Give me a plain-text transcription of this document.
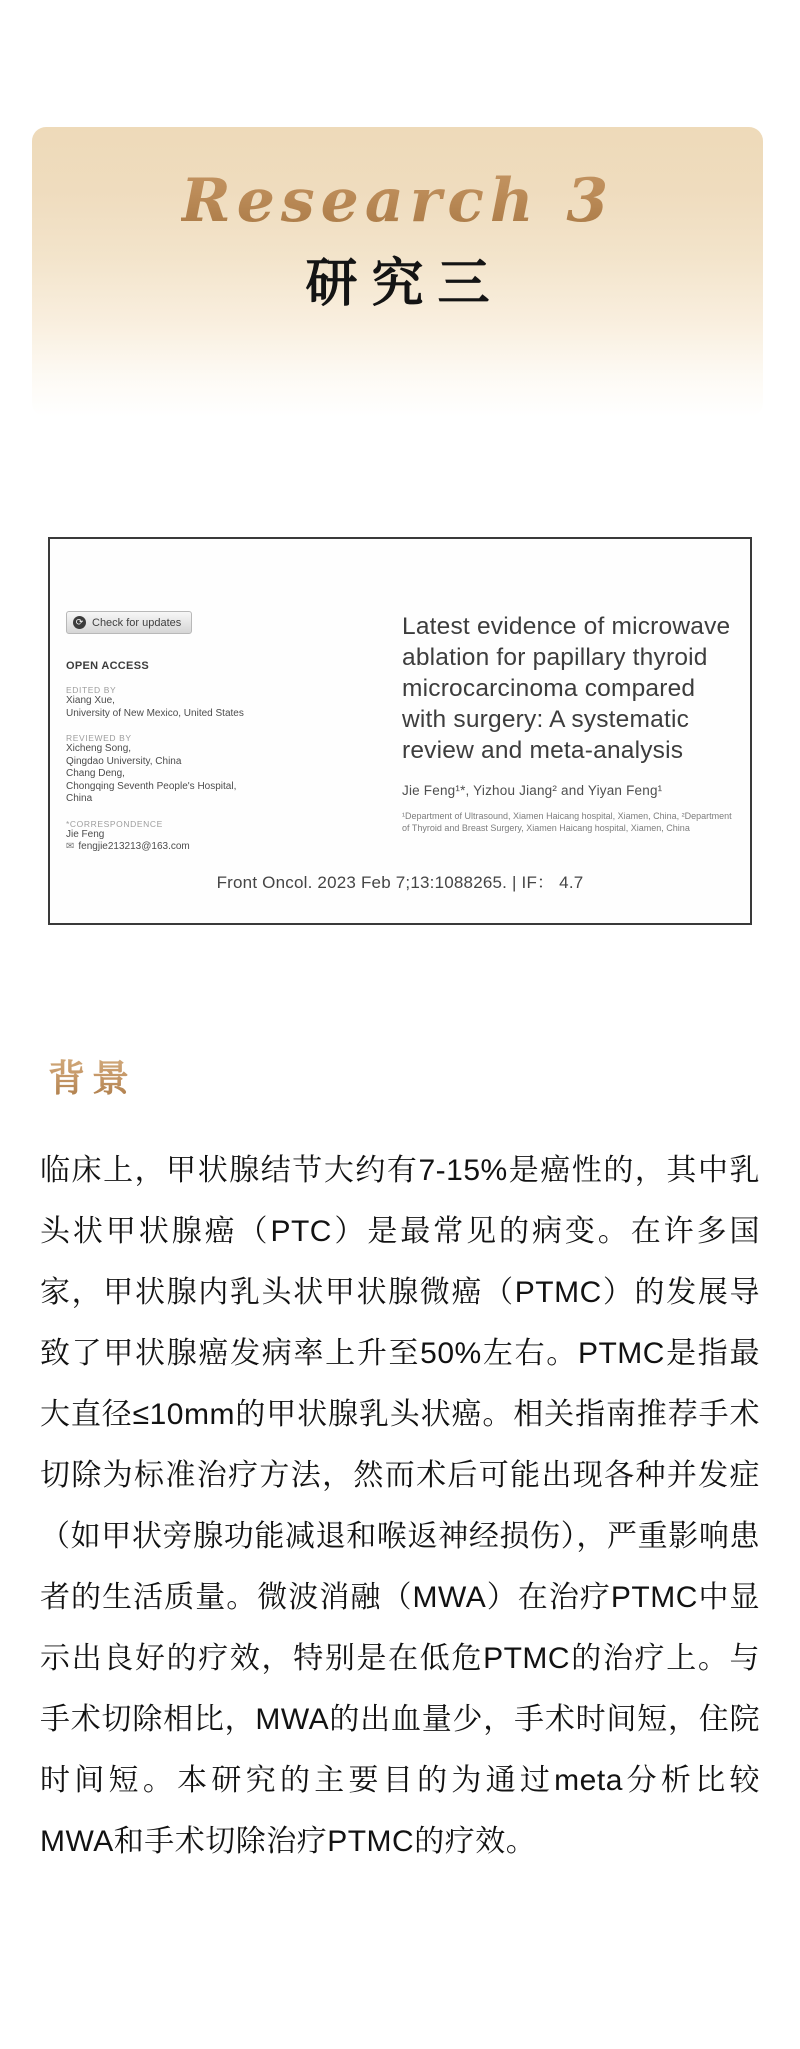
Research 3
研究三
⟳ Check for updates
OPEN ACCESS
EDITED BY
Xiang Xue,
University of New Mexico, United States
REVIEWED BY
Xicheng Song,
Qingdao University, China
Chang Deng,
Chongqing Seventh People's Hospital,
China
*CORRESPONDENCE
Jie Feng
✉ fengjie213213@163.com
Latest evidence of microwave ablation for papillary thyroid microcarcinoma compared with surgery: A systematic review and meta-analysis
Jie Feng¹*, Yizhou Jiang² and Yiyan Feng¹
¹Department of Ultrasound, Xiamen Haicang hospital, Xiamen, China, ²Department of Thyroid and Breast Surgery, Xiamen Haicang hospital, Xiamen, China
Front Oncol. 2023 Feb 7;13:1088265. | IF： 4.7
背景
临床上，甲状腺结节大约有7-15%是癌性的，其中乳头状甲状腺癌（PTC）是最常见的病变。在许多国家，甲状腺内乳头状甲状腺微癌（PTMC）的发展导致了甲状腺癌发病率上升至50%左右。PTMC是指最大直径≤10mm的甲状腺乳头状癌。相关指南推荐手术切除为标准治疗方法，然而术后可能出现各种并发症（如甲状旁腺功能减退和喉返神经损伤），严重影响患者的生活质量。微波消融（MWA）在治疗PTMC中显示出良好的疗效，特别是在低危PTMC的治疗上。与手术切除相比，MWA的出血量少，手术时间短，住院时间短。本研究的主要目的为通过meta分析比较MWA和手术切除治疗PTMC的疗效。
